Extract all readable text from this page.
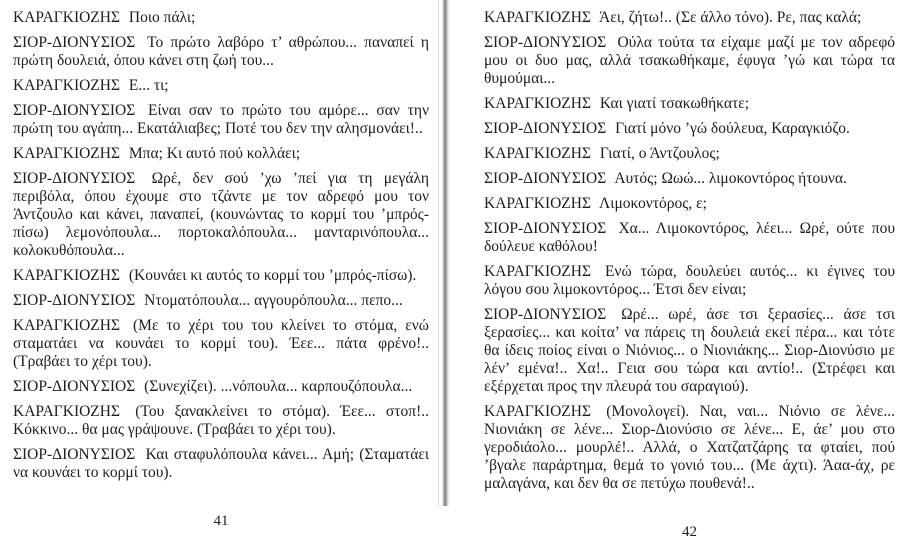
ΚΑΡΑΓΚΙΟΖΗΣ Ποιο πάλι;

ΣΙΟΡ-ΔΙΟΝΥΣΙΟΣ Το πρώτο λαβόρο τ’ αθρώπου... παναπεί η πρώτη δουλειά, όπου κάνει στη ζωή του...

ΚΑΡΑΓΚΙΟΖΗΣ Ε... τι;

ΣΙΟΡ-ΔΙΟΝΥΣΙΟΣ Είναι σαν το πρώτο του αμόρε... σαν την πρώτη του αγάπη... Εκατάλιαβες; Ποτέ του δεν την αλησμονάει!..

ΚΑΡΑΓΚΙΟΖΗΣ Μπα; Κι αυτό πού κολλάει;

ΣΙΟΡ-ΔΙΟΝΥΣΙΟΣ Ωρέ, δεν σού ’χω ’πεί για τη μεγάλη περιβόλα, όπου έχουμε στο τζάντε με τον αδρεφό μου τον Άντζουλο και κάνει, παναπεί, (κουνώντας το κορμί του ’μπρός-πίσω) λεμονόπουλα... πορτοκαλόπουλα... μανταρινόπουλα... κολοκυθόπουλα...

ΚΑΡΑΓΚΙΟΖΗΣ (Κουνάει κι αυτός το κορμί του ’μπρός-πίσω).

ΣΙΟΡ-ΔΙΟΝΥΣΙΟΣ Ντοματόπουλα... αγγουρόπουλα... πεπο...

ΚΑΡΑΓΚΙΟΖΗΣ (Με το χέρι του του κλείνει το στόμα, ενώ σταματάει να κουνάει το κορμί του). Έεε... πάτα φρένο!.. (Τραβάει το χέρι του).

ΣΙΟΡ-ΔΙΟΝΥΣΙΟΣ (Συνεχίζει). ...νόπουλα... καρπουζόπουλα...

ΚΑΡΑΓΚΙΟΖΗΣ (Του ξανακλείνει το στόμα). Έεε... στοπ!.. Κόκκινο... θα μας γράψουνε. (Τραβάει το χέρι του).

ΣΙΟΡ-ΔΙΟΝΥΣΙΟΣ Και σταφυλόπουλα κάνει... Αμή; (Σταματάει να κουνάει το κορμί του).

41

ΚΑΡΑΓΚΙΟΖΗΣ Άει, ζήτω!.. (Σε άλλο τόνο). Ρε, πας καλά;

ΣΙΟΡ-ΔΙΟΝΥΣΙΟΣ Ούλα τούτα τα είχαμε μαζί με τον αδρεφό μου οι δυο μας, αλλά τσακωθήκαμε, έφυγα ’γώ και τώρα τα θυμούμαι...

ΚΑΡΑΓΚΙΟΖΗΣ Και γιατί τσακωθήκατε;

ΣΙΟΡ-ΔΙΟΝΥΣΙΟΣ Γιατί μόνο ’γώ δούλευα, Καραγκιόζο.

ΚΑΡΑΓΚΙΟΖΗΣ Γιατί, ο Άντζουλος;

ΣΙΟΡ-ΔΙΟΝΥΣΙΟΣ Αυτός; Ωωώ... λιμοκοντόρος ήτουνα.

ΚΑΡΑΓΚΙΟΖΗΣ Λιμοκοντόρος, ε;

ΣΙΟΡ-ΔΙΟΝΥΣΙΟΣ Χα... Λιμοκοντόρος, λέει... Ωρέ, ούτε που δούλευε καθόλου!

ΚΑΡΑΓΚΙΟΖΗΣ Ενώ τώρα, δουλεύει αυτός... κι έγινες του λόγου σου λιμοκοντόρος... Έτσι δεν είναι;

ΣΙΟΡ-ΔΙΟΝΥΣΙΟΣ Ωρέ... ωρέ, άσε τσι ξερασίες... άσε τσι ξερασίες... και κοίτα’ να πάρεις τη δουλειά εκεί πέρα... και τότε θα ίδεις ποίος είναι ο Νιόνιος... ο Νιονιάκης... Σιορ-Διονύσιο με λέν’ εμένα!.. Χα!.. Γεια σου τώρα και αντίο!.. (Στρέφει και εξέρχεται προς την πλευρά του σαραγιού).

ΚΑΡΑΓΚΙΟΖΗΣ (Μονολογεί). Ναι, ναι... Νιόνιο σε λένε... Νιονιάκη σε λένε... Σιορ-Διονύσιο σε λένε... Ε, άε’ μου στο γεροδιάολο... μουρλέ!.. Αλλά, ο Χατζατζάρης τα φταίει, πού ’βγαλε παράρτημα, θεμά το γονιό του... (Με άχτι). Άαα-άχ, ρε μαλαγάνα, και δεν θα σε πετύχω πουθενά!..

42
